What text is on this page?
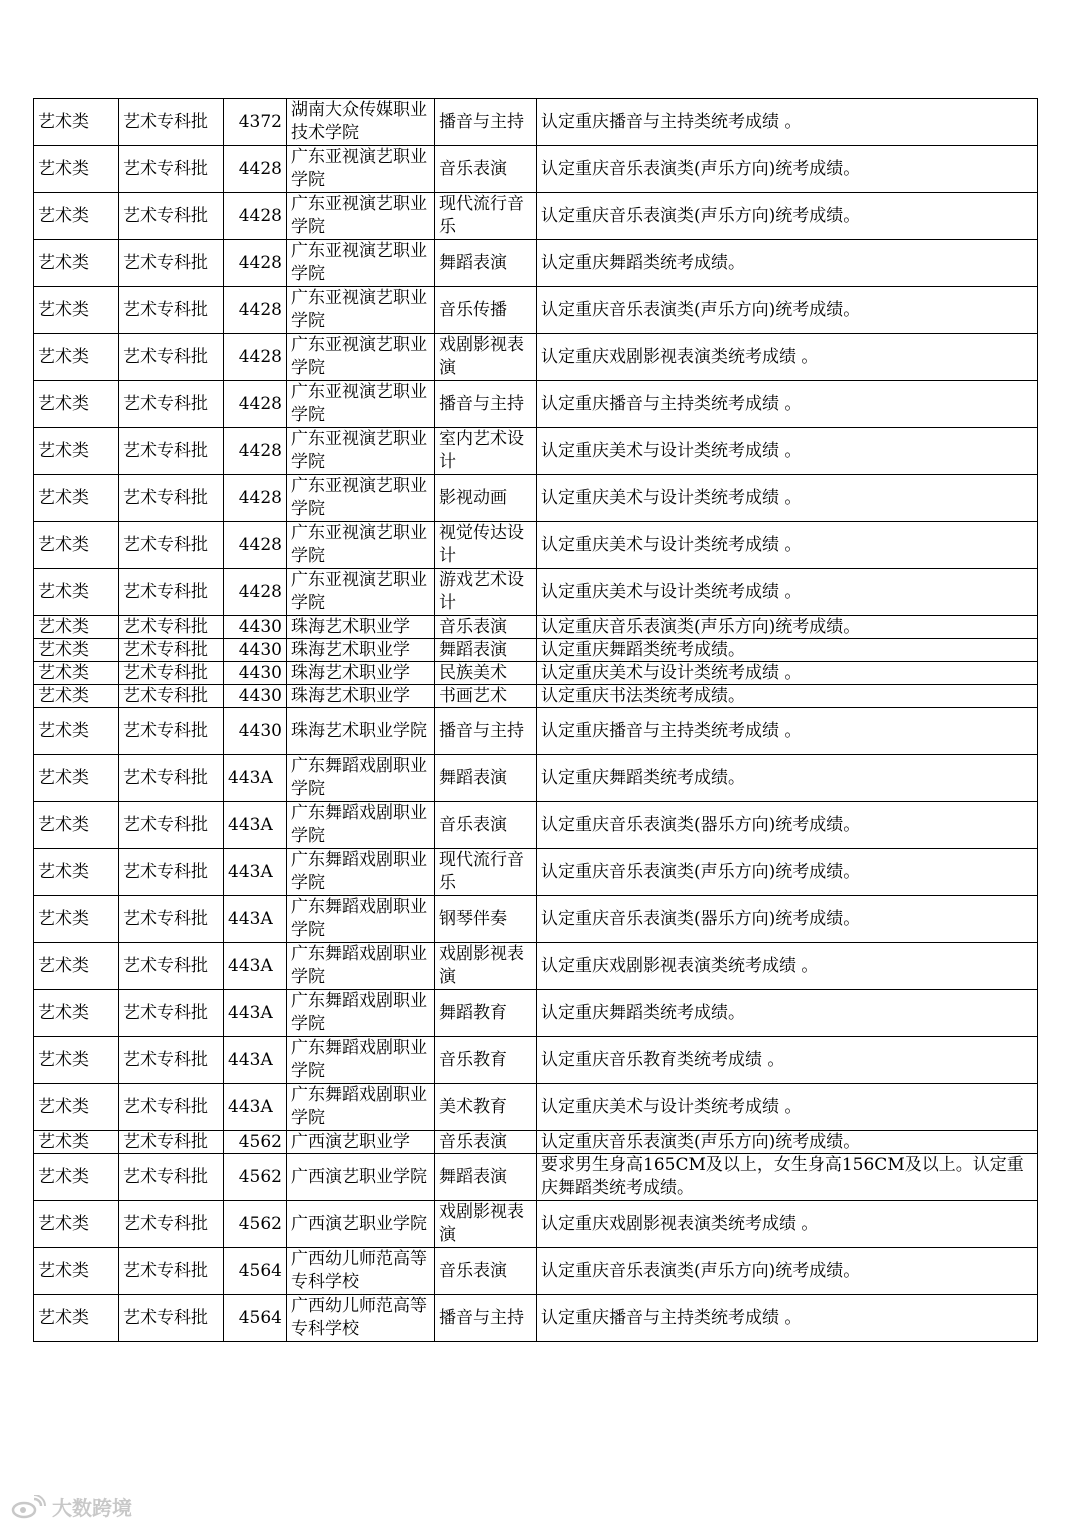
艺术类	艺术专科批	4372	湖南大众传媒职业技术学院	播音与主持	认定重庆播音与主持类统考成绩 。
艺术类	艺术专科批	4428	广东亚视演艺职业学院	音乐表演	认定重庆音乐表演类(声乐方向)统考成绩。
艺术类	艺术专科批	4428	广东亚视演艺职业学院	现代流行音乐	认定重庆音乐表演类(声乐方向)统考成绩。
艺术类	艺术专科批	4428	广东亚视演艺职业学院	舞蹈表演	认定重庆舞蹈类统考成绩。
艺术类	艺术专科批	4428	广东亚视演艺职业学院	音乐传播	认定重庆音乐表演类(声乐方向)统考成绩。
艺术类	艺术专科批	4428	广东亚视演艺职业学院	戏剧影视表演	认定重庆戏剧影视表演类统考成绩 。
艺术类	艺术专科批	4428	广东亚视演艺职业学院	播音与主持	认定重庆播音与主持类统考成绩 。
艺术类	艺术专科批	4428	广东亚视演艺职业学院	室内艺术设计	认定重庆美术与设计类统考成绩 。
艺术类	艺术专科批	4428	广东亚视演艺职业学院	影视动画	认定重庆美术与设计类统考成绩 。
艺术类	艺术专科批	4428	广东亚视演艺职业学院	视觉传达设计	认定重庆美术与设计类统考成绩 。
艺术类	艺术专科批	4428	广东亚视演艺职业学院	游戏艺术设计	认定重庆美术与设计类统考成绩 。
艺术类	艺术专科批	4430	珠海艺术职业学	音乐表演	认定重庆音乐表演类(声乐方向)统考成绩。
艺术类	艺术专科批	4430	珠海艺术职业学	舞蹈表演	认定重庆舞蹈类统考成绩。
艺术类	艺术专科批	4430	珠海艺术职业学	民族美术	认定重庆美术与设计类统考成绩 。
艺术类	艺术专科批	4430	珠海艺术职业学	书画艺术	认定重庆书法类统考成绩。
艺术类	艺术专科批	4430	珠海艺术职业学院	播音与主持	认定重庆播音与主持类统考成绩 。
艺术类	艺术专科批	443A	广东舞蹈戏剧职业学院	舞蹈表演	认定重庆舞蹈类统考成绩。
艺术类	艺术专科批	443A	广东舞蹈戏剧职业学院	音乐表演	认定重庆音乐表演类(器乐方向)统考成绩。
艺术类	艺术专科批	443A	广东舞蹈戏剧职业学院	现代流行音乐	认定重庆音乐表演类(声乐方向)统考成绩。
艺术类	艺术专科批	443A	广东舞蹈戏剧职业学院	钢琴伴奏	认定重庆音乐表演类(器乐方向)统考成绩。
艺术类	艺术专科批	443A	广东舞蹈戏剧职业学院	戏剧影视表演	认定重庆戏剧影视表演类统考成绩 。
艺术类	艺术专科批	443A	广东舞蹈戏剧职业学院	舞蹈教育	认定重庆舞蹈类统考成绩。
艺术类	艺术专科批	443A	广东舞蹈戏剧职业学院	音乐教育	认定重庆音乐教育类统考成绩 。
艺术类	艺术专科批	443A	广东舞蹈戏剧职业学院	美术教育	认定重庆美术与设计类统考成绩 。
艺术类	艺术专科批	4562	广西演艺职业学	音乐表演	认定重庆音乐表演类(声乐方向)统考成绩。
艺术类	艺术专科批	4562	广西演艺职业学院	舞蹈表演	要求男生身高165CM及以上，女生身高156CM及以上。认定重庆舞蹈类统考成绩。
艺术类	艺术专科批	4562	广西演艺职业学院	戏剧影视表演	认定重庆戏剧影视表演类统考成绩 。
艺术类	艺术专科批	4564	广西幼儿师范高等专科学校	音乐表演	认定重庆音乐表演类(声乐方向)统考成绩。
艺术类	艺术专科批	4564	广西幼儿师范高等专科学校	播音与主持	认定重庆播音与主持类统考成绩 。
大数跨境
